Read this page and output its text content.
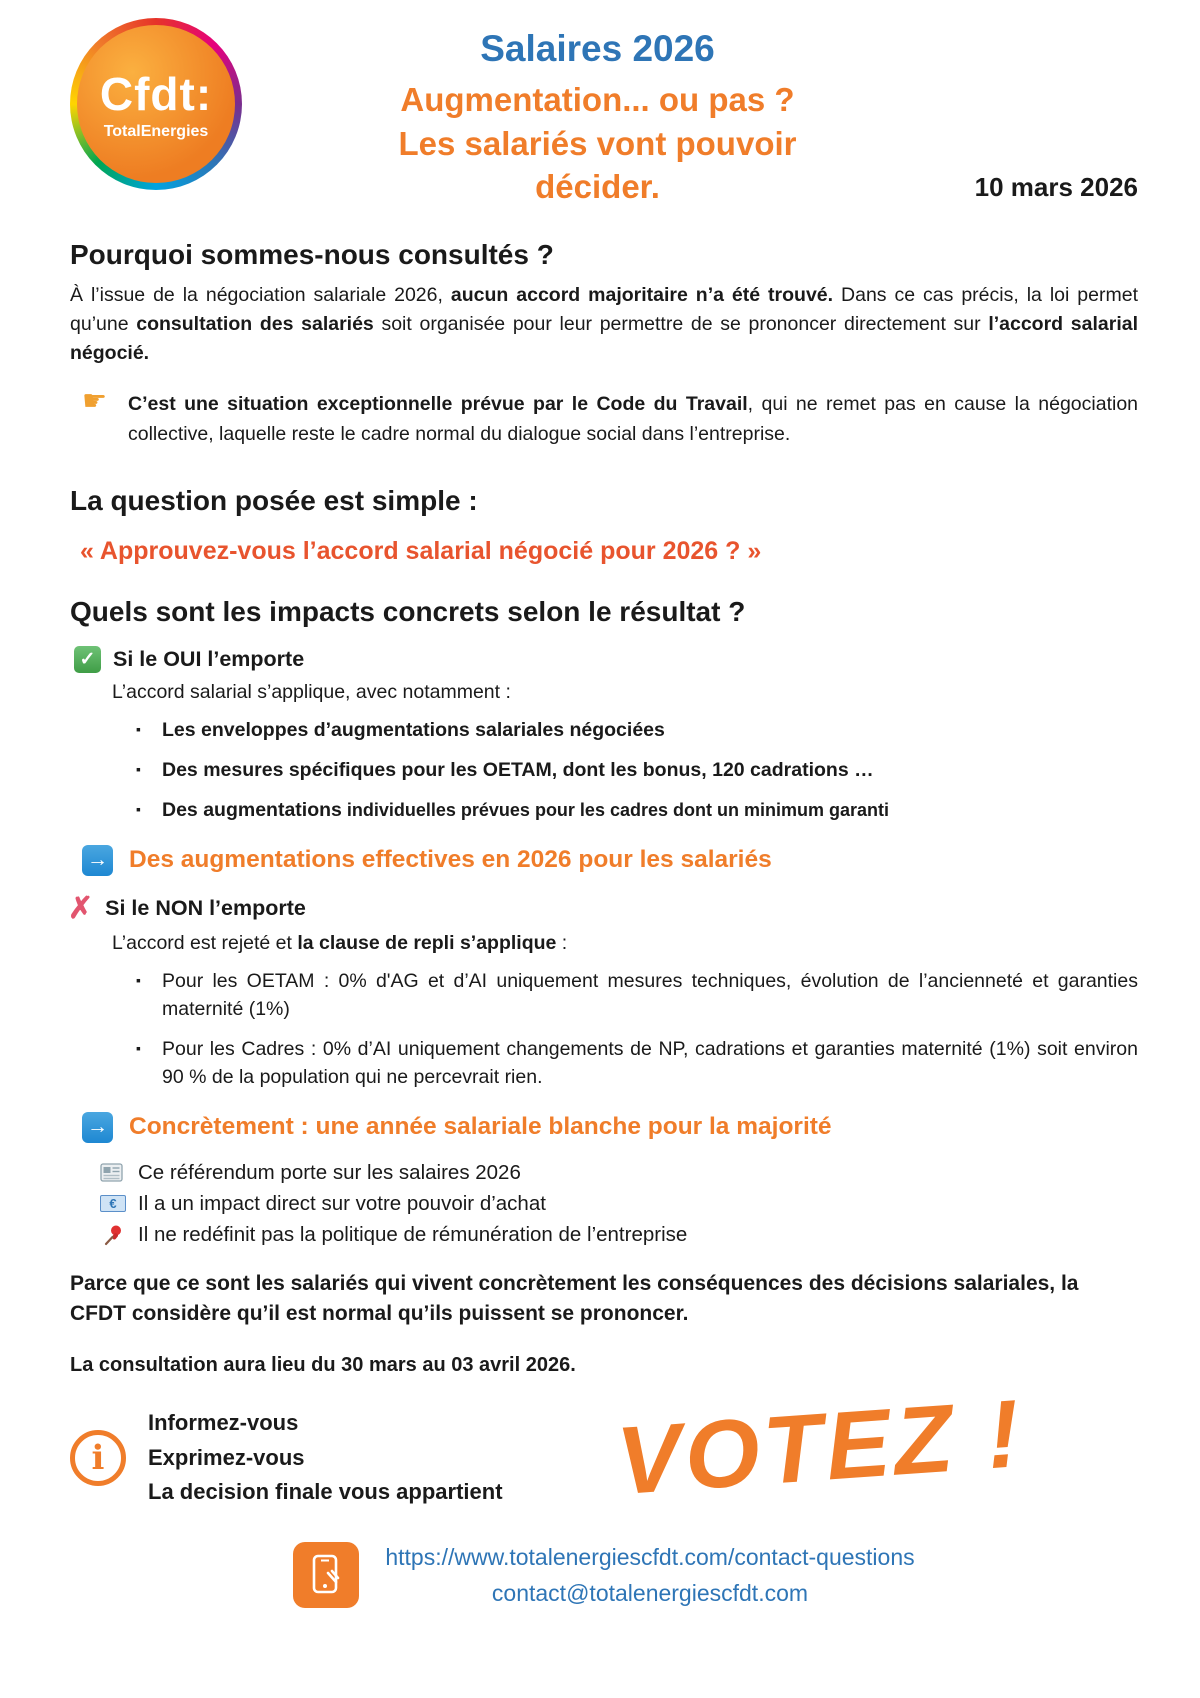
Cfdt:
TotalEnergies
Salaires 2026
Augmentation... ou pas ?
Les salariés vont pouvoir
décider.	10 mars 2026
Pourquoi sommes-nous consultés ?

À l’issue de la négociation salariale 2026, aucun accord majoritaire n’a été trouvé. Dans ce cas précis, la loi permet qu’une consultation des salariés soit organisée pour leur permettre de se prononcer directement sur l’accord salarial négocié.

☛	C’est une situation exceptionnelle prévue par le Code du Travail, qui ne remet pas en cause la négociation collective, laquelle reste le cadre normal du dialogue social dans l’entreprise.

La question posée est simple :
« Approuvez-vous l’accord salarial négocié pour 2026 ? »
Quels sont les impacts concrets selon le résultat ?
✓ Si le OUI l’emporte
L’accord salarial s’applique, avec notamment :
▪	Les enveloppes d’augmentations salariales négociées
▪	Des mesures spécifiques pour les OETAM, dont les bonus, 120 cadrations …
▪	Des augmentations individuelles prévues pour les cadres dont un minimum garanti
→ Des augmentations effectives en 2026 pour les salariés
✗ Si le NON l’emporte
L’accord est rejeté et la clause de repli s’applique :
▪	Pour les OETAM : 0% d'AG et d’AI uniquement mesures techniques, évolution de l’ancienneté et garanties maternité (1%)
▪	Pour les Cadres : 0% d’AI uniquement changements de NP, cadrations et garanties maternité (1%) soit environ 90 % de la population qui ne percevrait rien.
→ Concrètement : une année salariale blanche pour la majorité
Ce référendum porte sur les salaires 2026
€	Il a un impact direct sur votre pouvoir d’achat
Il ne redéfinit pas la politique de rémunération de l’entreprise

Parce que ce sont les salariés qui vivent concrètement les conséquences des décisions salariales, la CFDT considère qu’il est normal qu’ils puissent se prononcer.

La consultation aura lieu du 30 mars au 03 avril 2026.

i
Informez-vous
Exprimez-vous
La decision finale vous appartient	VOTEZ !
https://www.totalenergiescfdt.com/contact-questions
contact@totalenergiescfdt.com
